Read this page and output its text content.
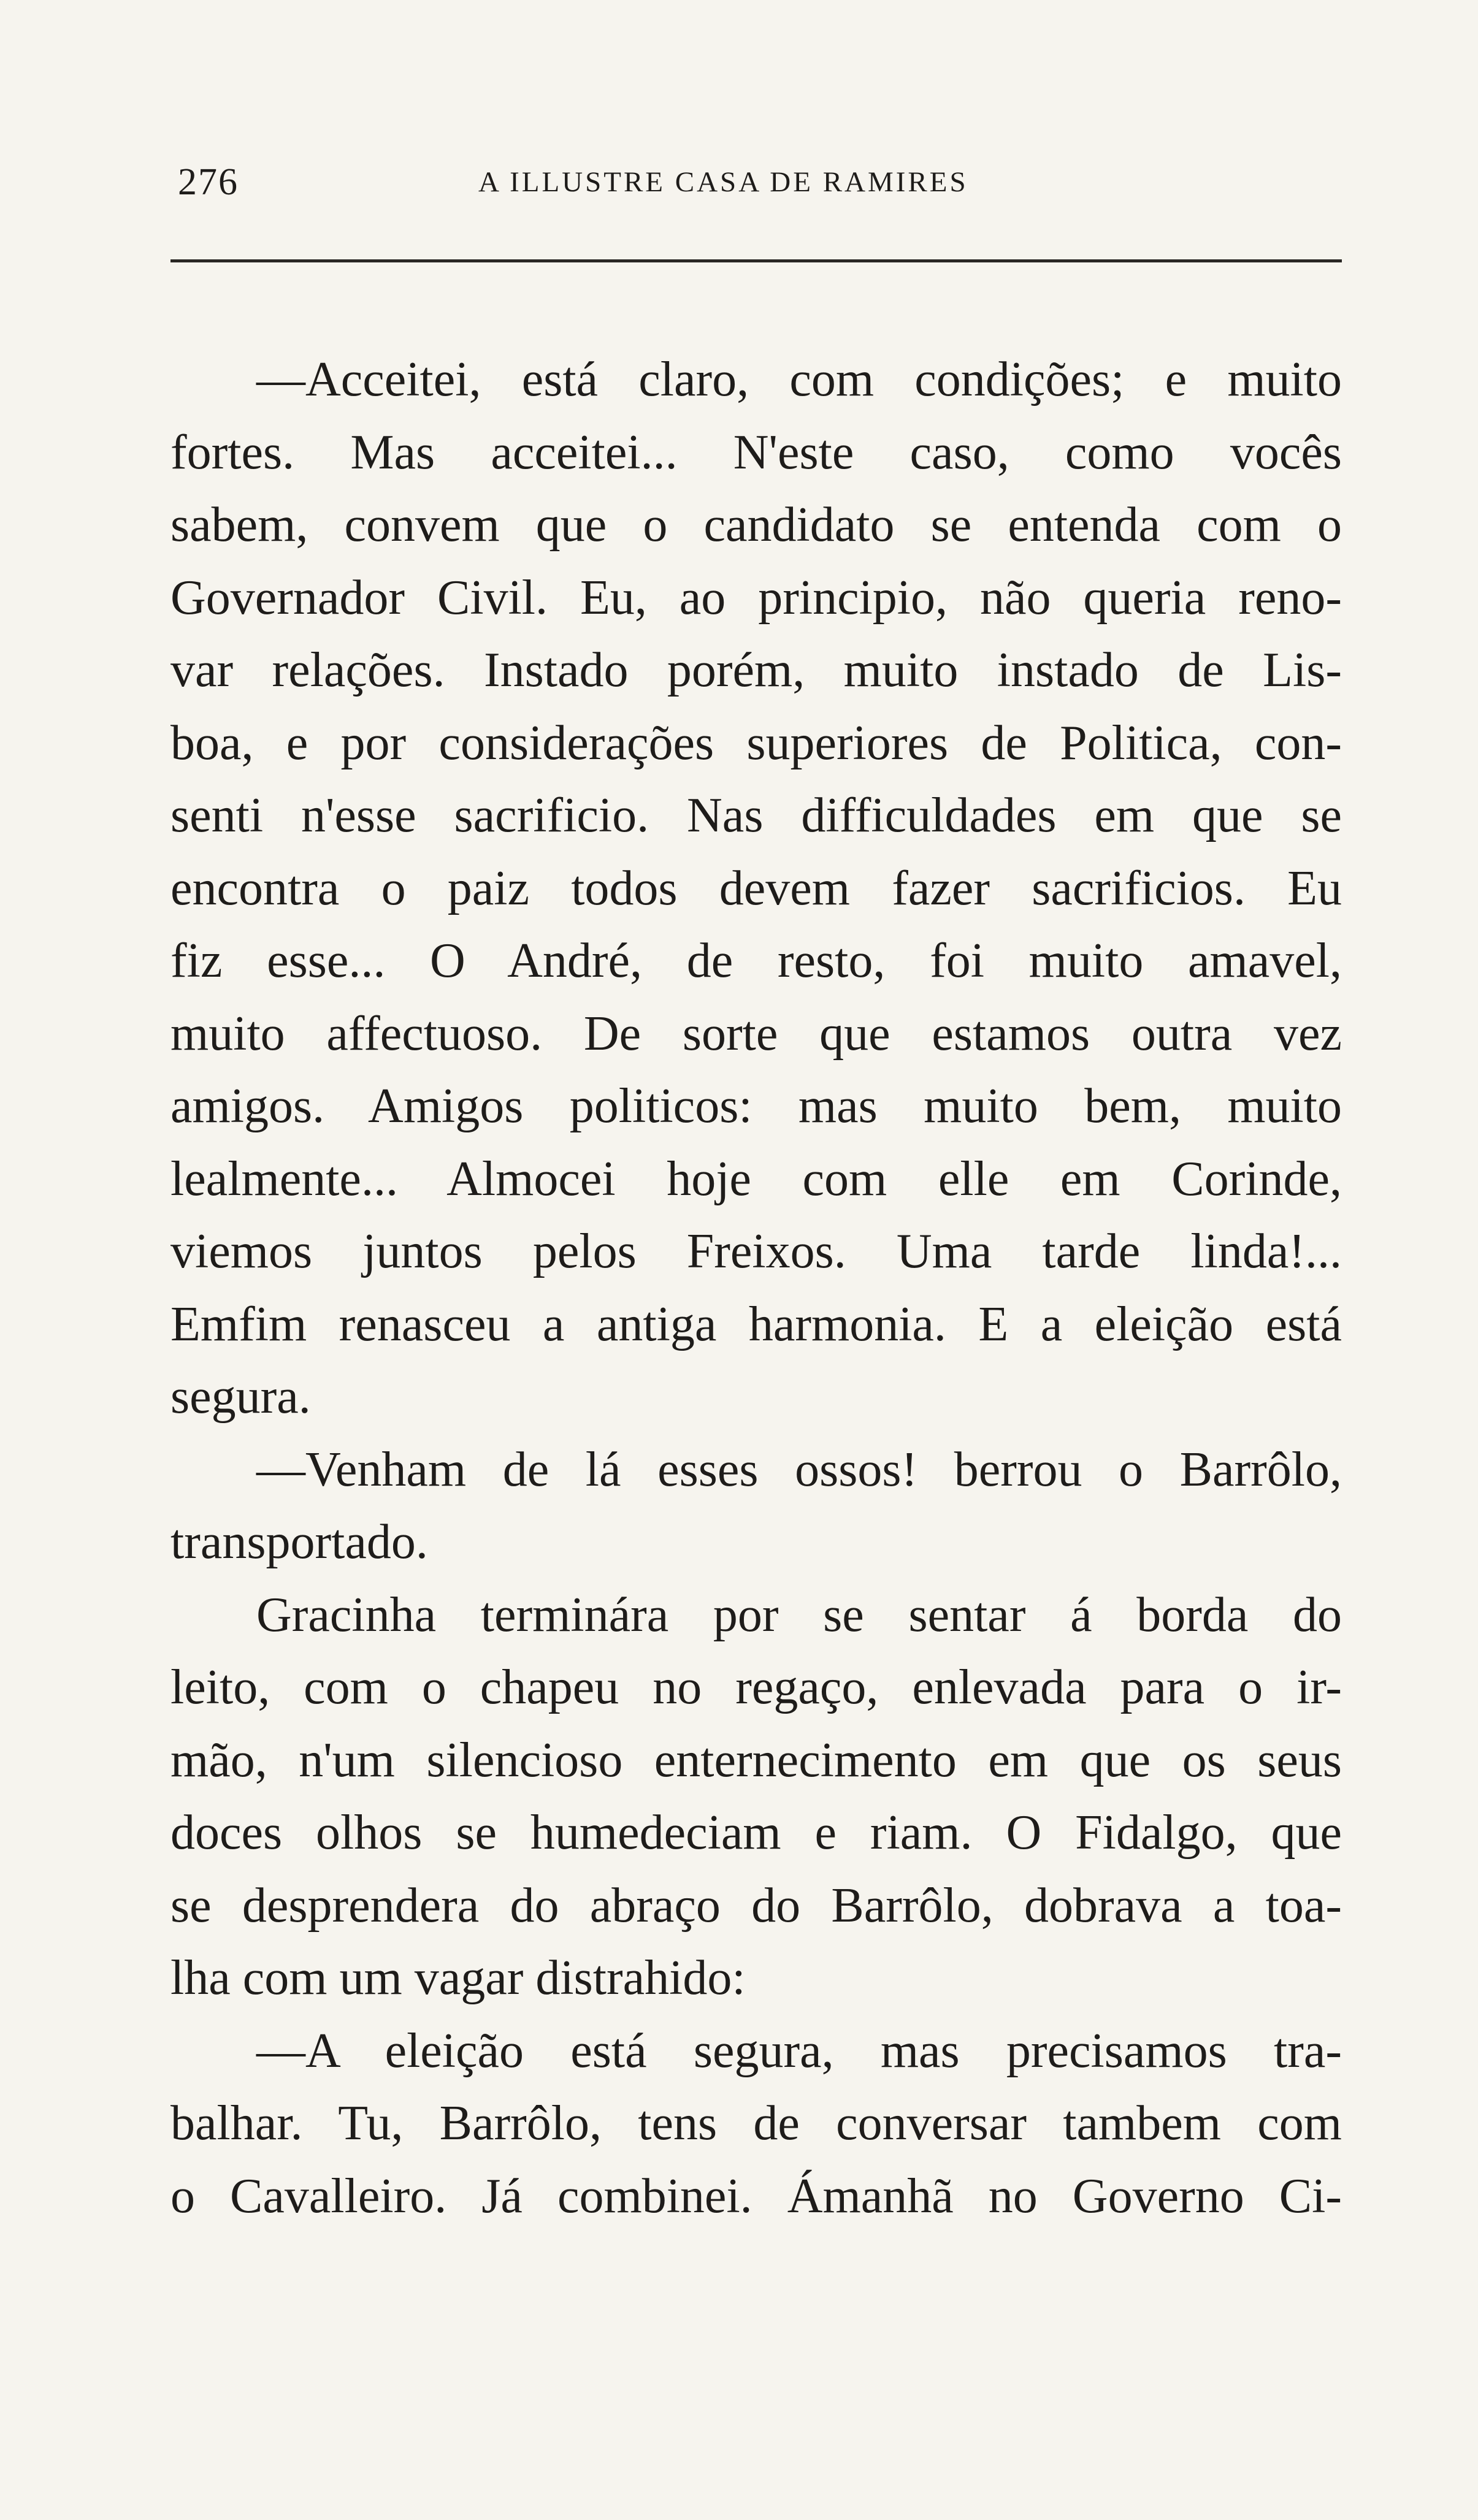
276	A ILLUSTRE CASA DE RAMIRES
—Acceitei, está claro, com condições; e muito
fortes. Mas acceitei... N'este caso, como vocês
sabem, convem que o candidato se entenda com o
Governador Civil. Eu, ao principio, não queria reno-
var relações. Instado porém, muito instado de Lis-
boa, e por considerações superiores de Politica, con-
senti n'esse sacrificio. Nas difficuldades em que se
encontra o paiz todos devem fazer sacrificios. Eu
fiz esse... O André, de resto, foi muito amavel,
muito affectuoso. De sorte que estamos outra vez
amigos. Amigos politicos: mas muito bem, muito
lealmente... Almocei hoje com elle em Corinde,
viemos juntos pelos Freixos. Uma tarde linda!...
Emfim renasceu a antiga harmonia. E a eleição está
segura.
—Venham de lá esses ossos! berrou o Barrôlo,
transportado.
Gracinha terminára por se sentar á borda do
leito, com o chapeu no regaço, enlevada para o ir-
mão, n'um silencioso enternecimento em que os seus
doces olhos se humedeciam e riam. O Fidalgo, que
se desprendera do abraço do Barrôlo, dobrava a toa-
lha com um vagar distrahido:
—A eleição está segura, mas precisamos tra-
balhar. Tu, Barrôlo, tens de conversar tambem com
o Cavalleiro. Já combinei. Ámanhã no Governo Ci-
